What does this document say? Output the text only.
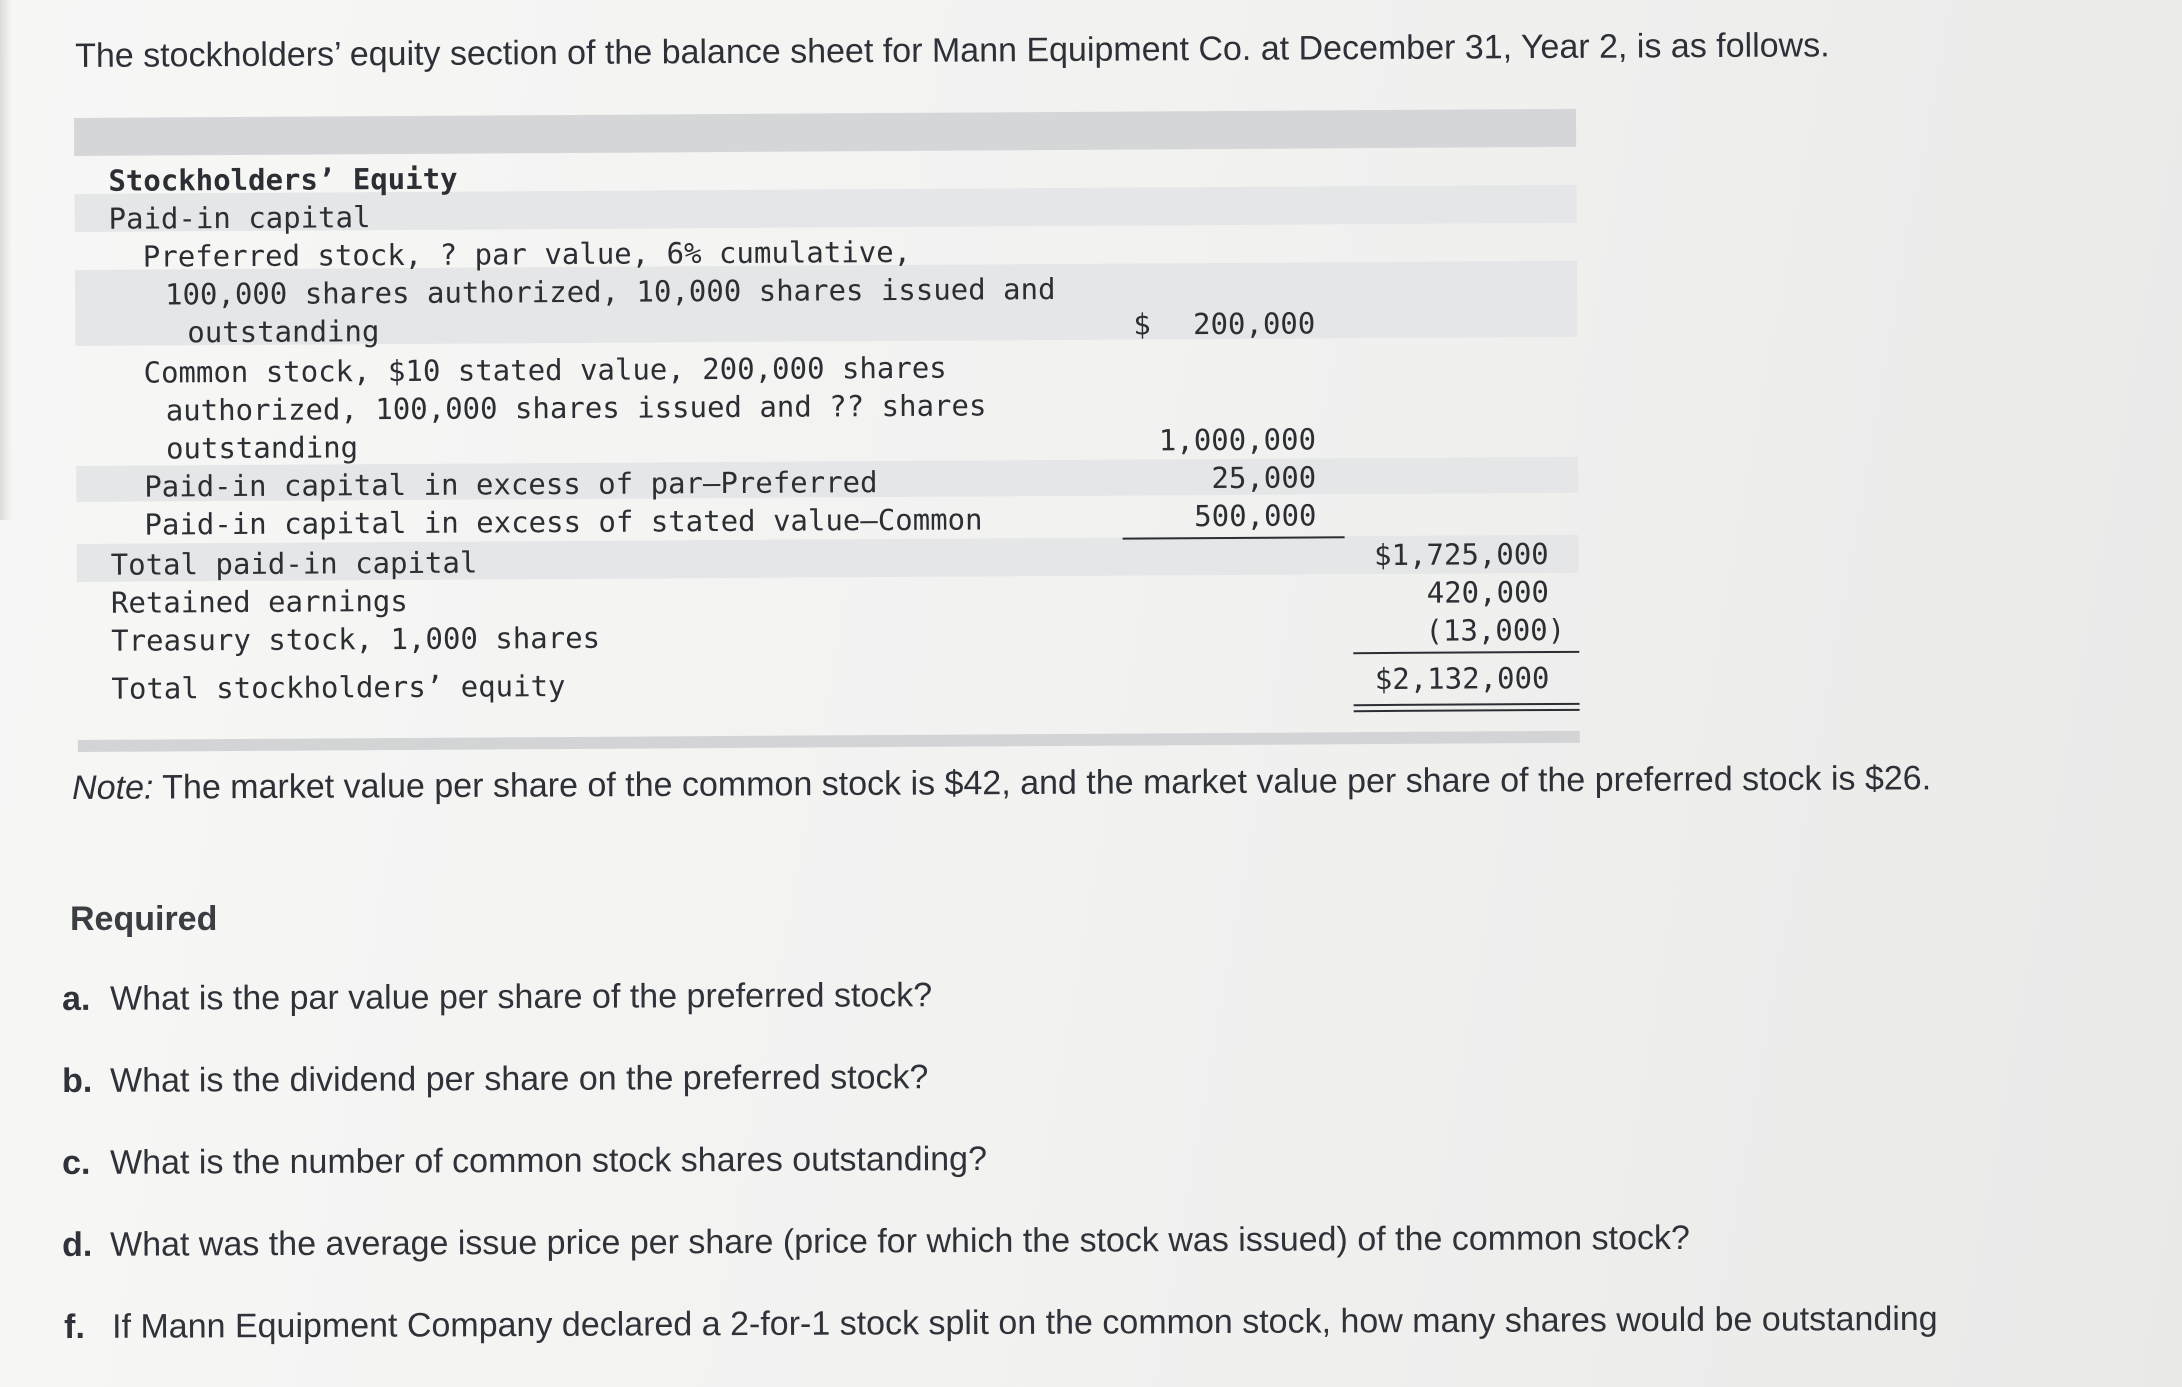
The stockholders’ equity section of the balance sheet for Mann Equipment Co. at December 31, Year 2, is as follows.
Stockholders’ Equity
Paid-in capital
Preferred stock, ? par value, 6% cumulative,
100,000 shares authorized, 10,000 shares issued and
outstanding	$ 200,000
Common stock, $10 stated value, 200,000 shares
authorized, 100,000 shares issued and ?? shares
outstanding	1,000,000
Paid-in capital in excess of par—Preferred	25,000
Paid-in capital in excess of stated value—Common	500,000
Total paid-in capital	$1,725,000
Retained earnings	420,000
Treasury stock, 1,000 shares	(13,000)
Total stockholders’ equity	$2,132,000
Note: The market value per share of the common stock is $42, and the market value per share of the preferred stock is $26.
Required
a. What is the par value per share of the preferred stock?
b. What is the dividend per share on the preferred stock?
c. What is the number of common stock shares outstanding?
d. What was the average issue price per share (price for which the stock was issued) of the common stock?
f. If Mann Equipment Company declared a 2-for-1 stock split on the common stock, how many shares would be outstanding
